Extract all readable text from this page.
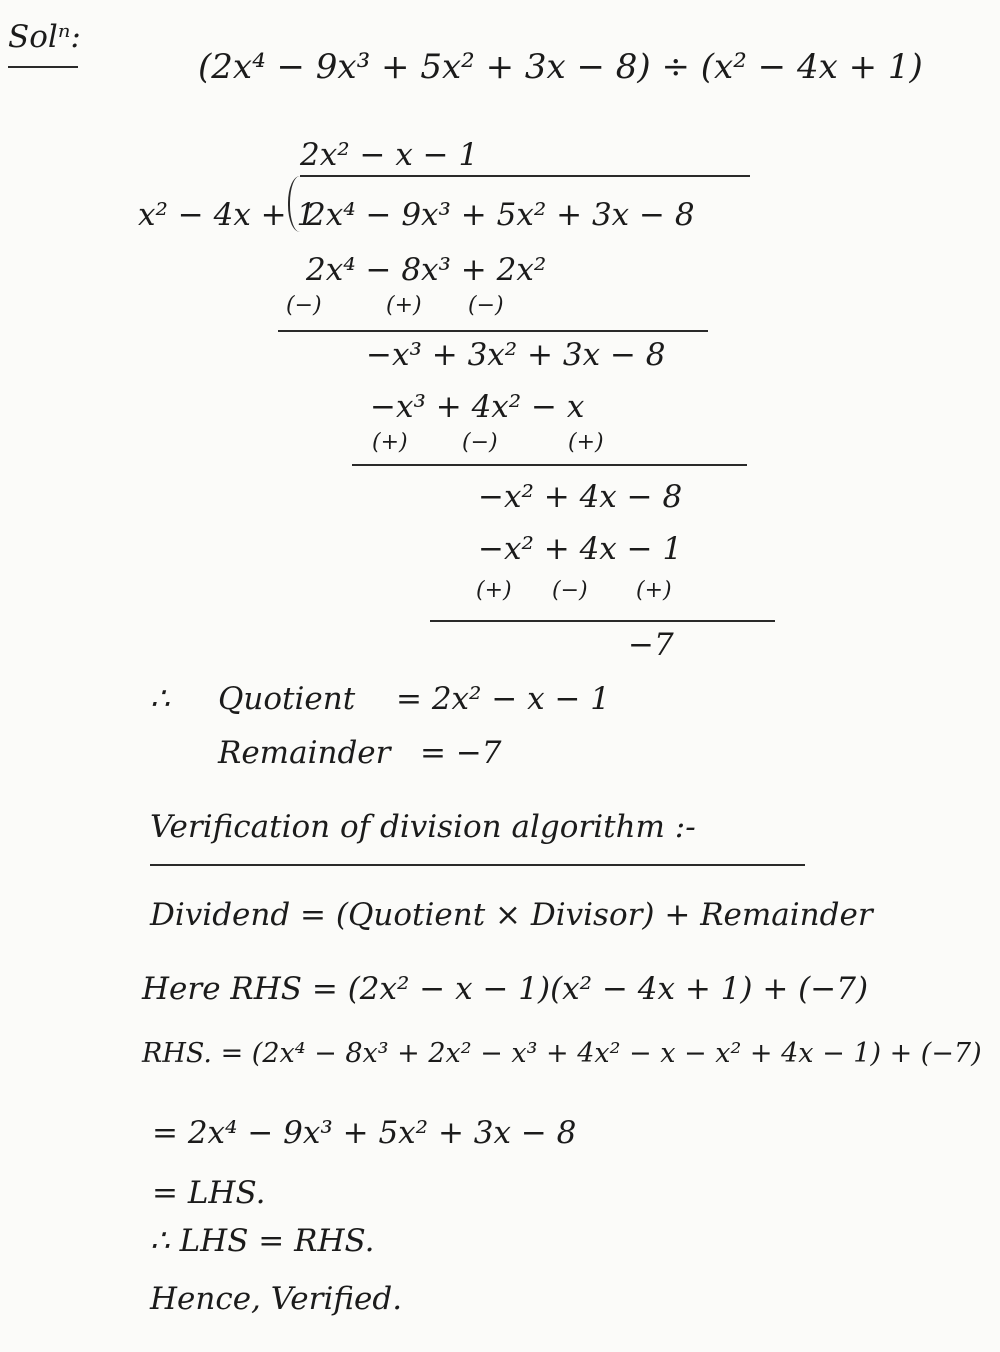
Solⁿ:
(2x⁴ − 9x³ + 5x² + 3x − 8) ÷ (x² − 4x + 1)
2x² − x − 1
x² − 4x + 1
2x⁴ − 9x³ + 5x² + 3x − 8
2x⁴ − 8x³ + 2x²
(−)	(+) (−)
−x³ + 3x² + 3x − 8
−x³ + 4x² − x
(+) (−)	(+)
−x² + 4x − 8
−x² + 4x − 1
(+) (−) (+)
−7
∴ Quotient = 2x² − x − 1
Remainder = −7
Verification of division algorithm :-
Dividend = (Quotient × Divisor) + Remainder
Here RHS = (2x² − x − 1)(x² − 4x + 1) + (−7)
RHS. = (2x⁴ − 8x³ + 2x² − x³ + 4x² − x − x² + 4x − 1) + (−7)
= 2x⁴ − 9x³ + 5x² + 3x − 8
= LHS.
∴ LHS = RHS.
Hence, Verified.
